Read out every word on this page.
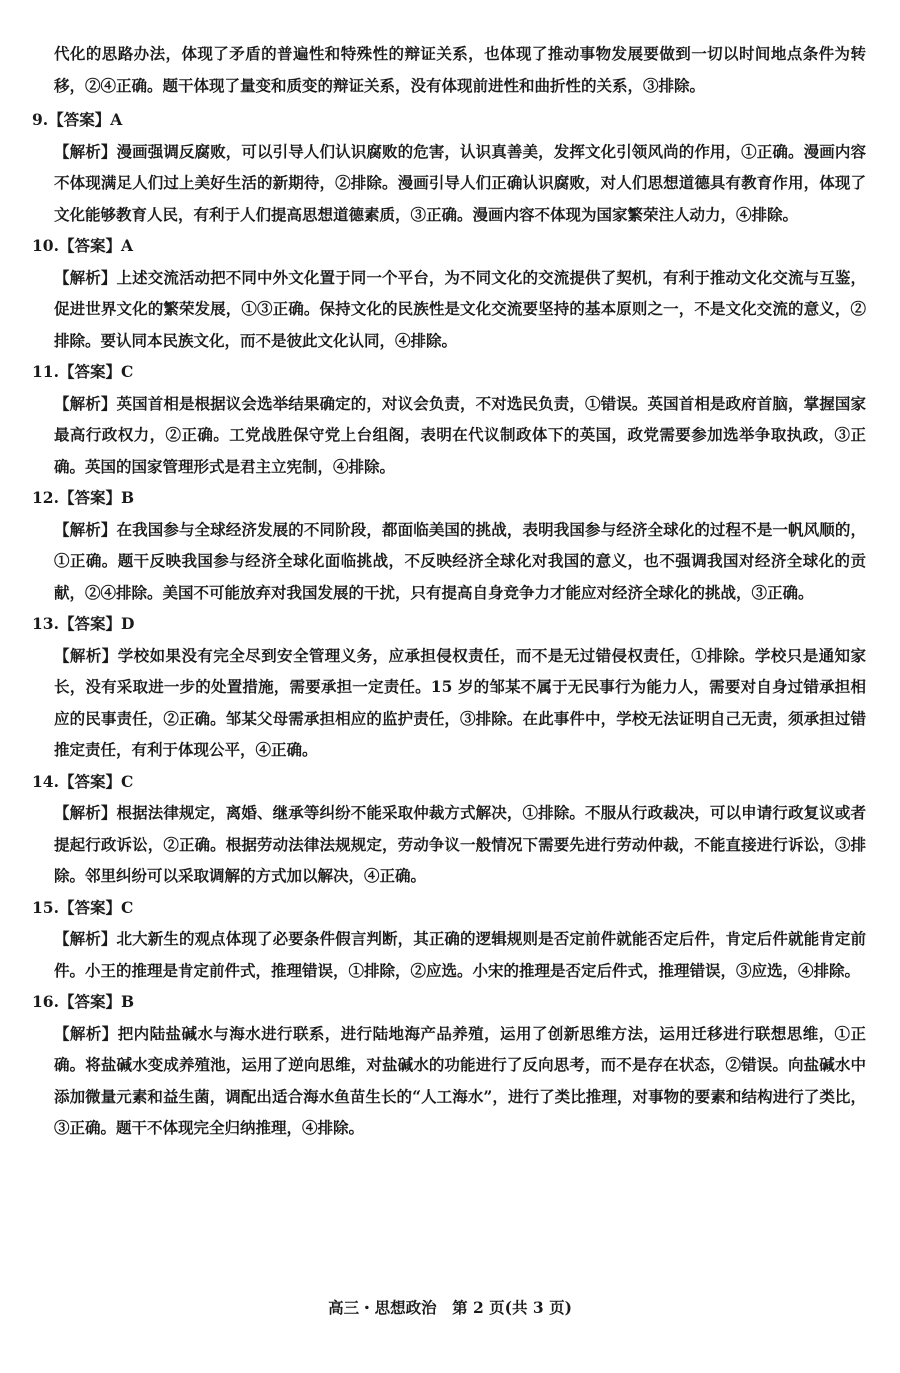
代化的思路办法，体现了矛盾的普遍性和特殊性的辩证关系，也体现了推动事物发展要做到一切以时间地点条件为转移，②④正确。题干体现了量变和质变的辩证关系，没有体现前进性和曲折性的关系，③排除。

9.【答案】A

【解析】漫画强调反腐败，可以引导人们认识腐败的危害，认识真善美，发挥文化引领风尚的作用，①正确。漫画内容不体现满足人们过上美好生活的新期待，②排除。漫画引导人们正确认识腐败，对人们思想道德具有教育作用，体现了文化能够教育人民，有利于人们提高思想道德素质，③正确。漫画内容不体现为国家繁荣注人动力，④排除。

10.【答案】A

【解析】上述交流活动把不同中外文化置于同一个平台，为不同文化的交流提供了契机，有利于推动文化交流与互鉴，促进世界文化的繁荣发展，①③正确。保持文化的民族性是文化交流要坚持的基本原则之一，不是文化交流的意义，②排除。要认同本民族文化，而不是彼此文化认同，④排除。

11.【答案】C

【解析】英国首相是根据议会选举结果确定的，对议会负责，不对选民负责，①错误。英国首相是政府首脑，掌握国家最高行政权力，②正确。工党战胜保守党上台组阁，表明在代议制政体下的英国，政党需要参加选举争取执政，③正确。英国的国家管理形式是君主立宪制，④排除。

12.【答案】B

【解析】在我国参与全球经济发展的不同阶段，都面临美国的挑战，表明我国参与经济全球化的过程不是一帆风顺的，①正确。题干反映我国参与经济全球化面临挑战，不反映经济全球化对我国的意义，也不强调我国对经济全球化的贡献，②④排除。美国不可能放弃对我国发展的干扰，只有提高自身竞争力才能应对经济全球化的挑战，③正确。

13.【答案】D

【解析】学校如果没有完全尽到安全管理义务，应承担侵权责任，而不是无过错侵权责任，①排除。学校只是通知家长，没有采取进一步的处置措施，需要承担一定责任。15 岁的邹某不属于无民事行为能力人，需要对自身过错承担相应的民事责任，②正确。邹某父母需承担相应的监护责任，③排除。在此事件中，学校无法证明自己无责，须承担过错推定责任，有利于体现公平，④正确。

14.【答案】C

【解析】根据法律规定，离婚、继承等纠纷不能采取仲裁方式解决，①排除。不服从行政裁决，可以申请行政复议或者提起行政诉讼，②正确。根据劳动法律法规规定，劳动争议一般情况下需要先进行劳动仲裁，不能直接进行诉讼，③排除。邻里纠纷可以采取调解的方式加以解决，④正确。

15.【答案】C

【解析】北大新生的观点体现了必要条件假言判断，其正确的逻辑规则是否定前件就能否定后件，肯定后件就能肯定前件。小王的推理是肯定前件式，推理错误，①排除，②应选。小宋的推理是否定后件式，推理错误，③应选，④排除。

16.【答案】B

【解析】把内陆盐碱水与海水进行联系，进行陆地海产品养殖，运用了创新思维方法，运用迁移进行联想思维，①正确。将盐碱水变成养殖池，运用了逆向思维，对盐碱水的功能进行了反向思考，而不是存在状态，②错误。向盐碱水中添加微量元素和益生菌，调配出适合海水鱼苗生长的“人工海水”，进行了类比推理，对事物的要素和结构进行了类比，③正确。题干不体现完全归纳推理，④排除。

高三・思想政治　第 2 页(共 3 页)
